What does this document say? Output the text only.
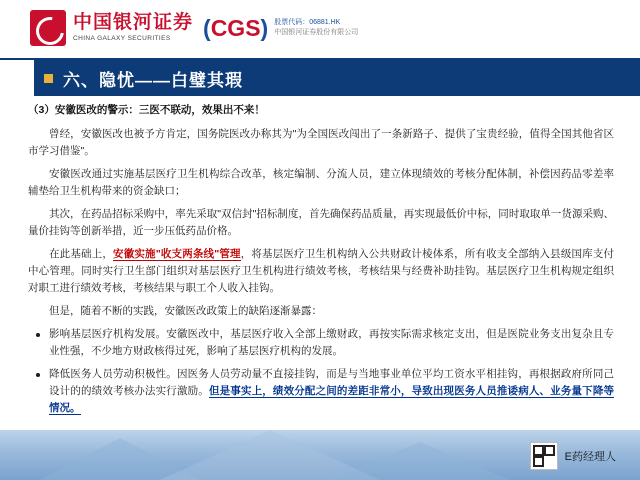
中国银河证券
CHINA GALAXY SECURITIES	(CGS) 股票代码：06881.HK
中国银河证券股份有限公司
六、隐忧——白璧其瑕

（3）安徽医改的警示：三医不联动，效果出不来！

曾经，安徽医改也被予方肯定，国务院医改办称其为"为全国医改闯出了一条新路子、提供了宝贵经验，值得全国其他省区市学习借鉴"。

安徽医改通过实施基层医疗卫生机构综合改革，核定编制、分流人员，建立体现绩效的考核分配体制，补偿因药品零差率辅垫给卫生机构带来的资金缺口；

其次，在药品招标采购中，率先采取"双信封"招标制度，首先确保药品质量，再实现最低价中标，同时取取单一货源采购、量价挂钩等创新举措，近一步压低药品价格。

在此基础上，安徽实施"收支两条线"管理，将基层医疗卫生机构纳入公共财政计棱体系，所有收支全部纳入县级国库支付中心管理。同时实行卫生部门组织对基层医疗卫生机构进行绩效考核，考核结果与经费补助挂钩。基层医疗卫生机构规定组织对职工进行绩效考核，考核结果与职工个人收入挂钩。

但是，随着不断的实践，安徽医改政策上的缺陷逐渐暴露：

影响基层医疗机构发展。安徽医改中，基层医疗收入全部上缴财政，再按实际需求核定支出，但是医院业务支出复杂且专业性强，不少地方财政核得过死，影响了基层医疗机构的发展。
降低医务人员劳动积极性。因医务人员劳动量不直接挂钩，而是与当地事业单位平均工资水平相挂钩，再根据政府所同己设计的的绩效考核办法实行激励。但是事实上，绩效分配之间的差距非常小，导致出现医务人员推诿病人、业务量下降等情况。
E药经理人
